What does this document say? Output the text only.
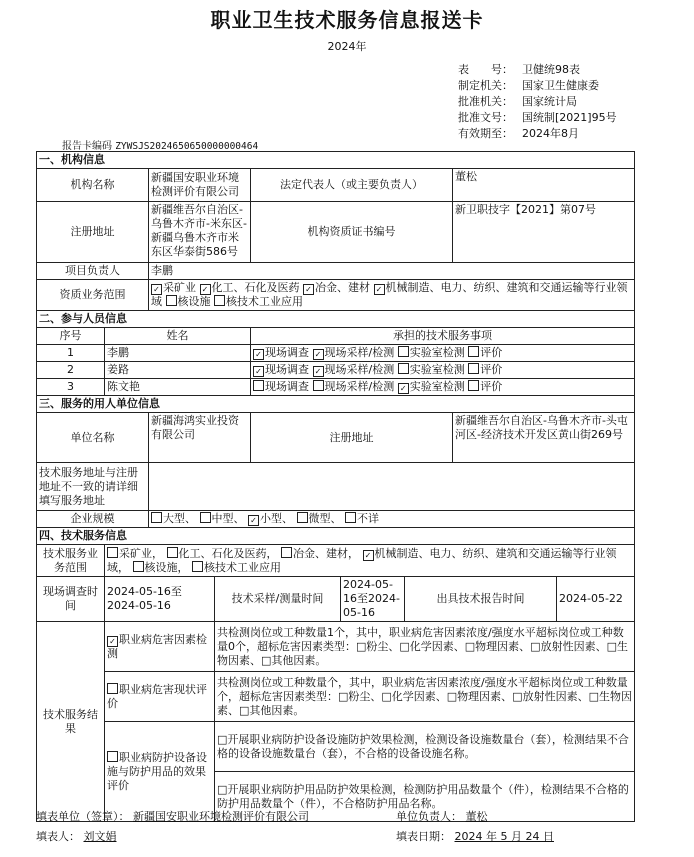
职业卫生技术服务信息报送卡
2024年
表　　号： 卫健统98表
制定机关： 国家卫生健康委
批准机关： 国家统计局
批准文号： 国统制[2021]95号
有效期至： 2024年8月
报告卡编码 ZYWSJS2024650650000000464
一、机构信息								
机构名称		新疆国安职业环境检测评价有限公司		法定代表人（或主要负责人）			董松	
注册地址		新疆维吾尔自治区-乌鲁木齐市-米东区-新疆乌鲁木齐市米东区华泰街586号		机构资质证书编号			新卫职技字【2021】第07号	
项目负责人		李鹏						
资质业务范围	✓采矿业 ✓ 化工、石化及医药 ✓ 冶金、建材 ✓ 机械制造、电力、纺织、建筑和交通运输等行业领域 核设施 核技术工业应用
二、参与人员信息								
序号	姓名			承担的技术服务事项				
1	李鹏	✓现场调查 ✓ 现场采样/检测 实验室检测 评价
2	姜路	✓现场调查 ✓ 现场采样/检测 实验室检测 评价
3	陈文艳			现场调查 现场采样/检测 ✓ 实验室检测 评价
三、服务的用人单位信息								
单位名称		新疆海鸿实业投资有限公司		注册地址			新疆维吾尔自治区-乌鲁木齐市-头屯河区-经济技术开发区黄山街269号	
技术服务地址与注册地址不一致的请详细填写服务地址								
企业规模		大型、 中型、 ✓小型、 微型、 不详
四、技术服务信息								
技术服务业务范围	采矿业， 化工、石化及医药， 冶金、建材， ✓机械制造、电力、纺织、建筑和交通运输等行业领域， 核设施， 核技术工业应用
现场调查时间	2024-05-16至2024-05-16		技术采样/测量时间		2024-05-16至2024-05-16	出具技术报告时间		2024-05-22
技术服务结果	✓职业病危害因素检测		共检测岗位或工种数量1个，其中，职业病危害因素浓度/强度水平超标岗位或工种数量0个，超标危害因素类型：□粉尘、□化学因素、□物理因素、□放射性因素、□生物因素、□其他因素。					
	职业病危害现状评价		共检测岗位或工种数量个，其中，职业病危害因素浓度/强度水平超标岗位或工种数量个，超标危害因素类型：□粉尘、□化学因素、□物理因素、□放射性因素、□生物因素、□其他因素。					
	职业病防护设备设施与防护用品的效果评价		□开展职业病防护设备设施防护效果检测，检测设备设施数量台（套），检测结果不合格的设备设施数量台（套），不合格的设备设施名称。					
			□开展职业病防护用品防护效果检测，检测防护用品数量个（件），检测结果不合格的防护用品数量个（件），不合格防护用品名称。					
填表单位（签章）： 新疆国安职业环境检测评价有限公司	单位负责人： 董松
填表人： 刘文娟	填表日期： 2024 年 5 月 24 日
